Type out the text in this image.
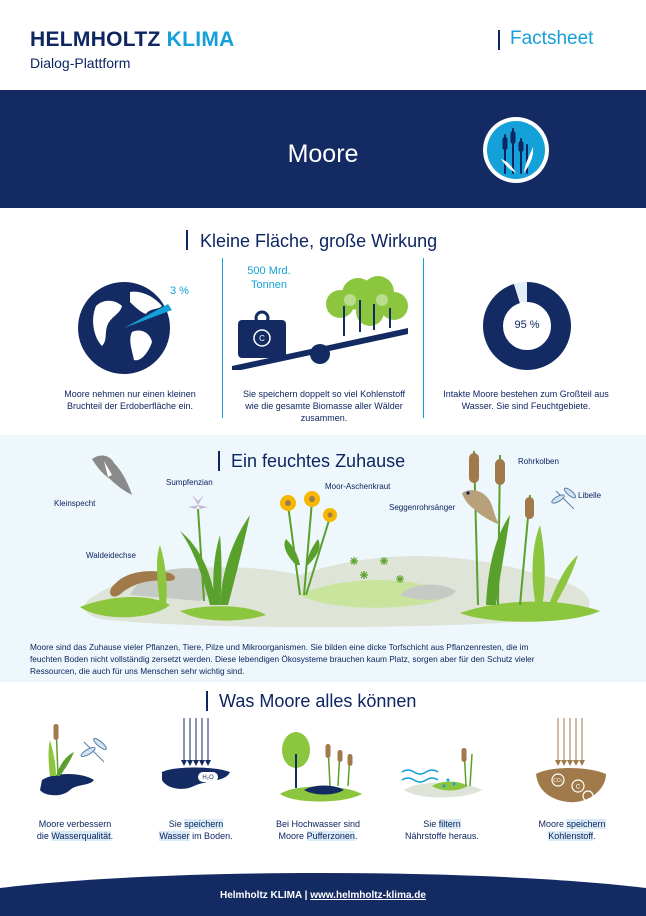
HELMHOLTZ KLIMA
Dialog-Plattform
Factsheet
Moore
Kleine Fläche, große Wirkung
3 %
500 Mrd.
Tonnen
C
95 %
Moore nehmen nur einen kleinen
Bruchteil der Erdoberfläche ein.
Sie speichern doppelt so viel Kohlenstoff
wie die gesamte Biomasse aller Wälder
zusammen.
Intakte Moore bestehen zum Großteil aus
Wasser. Sie sind Feuchtgebiete.
Ein feuchtes Zuhause
Kleinspecht
Sumpfenzian	Moor-Aschenkraut
Seggenrohrsänger
Rohrkolben
Libelle
Waldeidechse
Moore sind das Zuhause vieler Pflanzen, Tiere, Pilze und Mikroorganismen. Sie bilden eine dicke Torfschicht aus Pflanzenresten, die im
feuchten Boden nicht vollständig zersetzt werden. Diese lebendigen Ökosysteme brauchen kaum Platz, sorgen aber für den Schutz vieler
Ressourcen, die auch für uns Menschen sehr wichtig sind.
Was Moore alles können
H₂O	CO₂
C
Moore verbessern
die Wasserqualität.
Sie speichern
Wasser im Boden.
Bei Hochwasser sind
Moore Pufferzonen.
Sie filtern
Nährstoffe heraus.
Moore speichern
Kohlenstoff.
Helmholtz KLIMA | www.helmholtz-klima.de
